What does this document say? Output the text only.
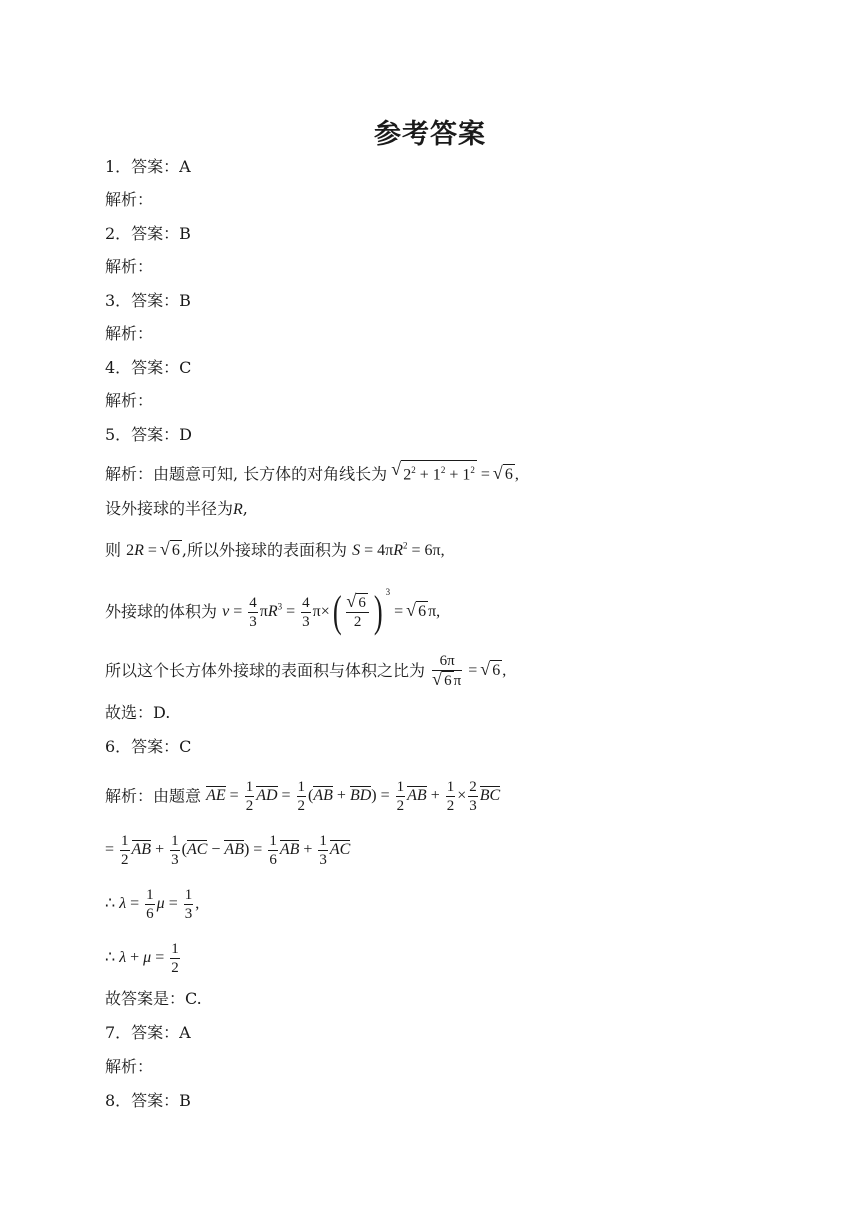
参考答案
1．答案：A
解析：
2．答案：B
解析：
3．答案：B
解析：
4．答案：C
解析：
5．答案：D
解析：由题意可知, 长方体的对角线长为 √ $2^2 + 1^2 + 1^2$ = √ 6 ,
设外接球的半径为R,
则 2R = √ 6 ,所以外接球的表面积为 $S = 4\pi R^2 = 6\pi$,
外接球的体积为 $v = \frac{4}{3} \pi R^3 = \frac{4}{3} \pi\times$( √ $\frac{6}{2}$ ) $^3$ = √ 6 π,
所以这个长方体外接球的表面积与体积之比为 6π
√ 6 π = √ 6 ,
故选：D.
6．答案：C
解析：由题意 AE = $\frac{1}{2}$ AD = $\frac{1}{2} (AB + BD) = \frac{1}{2}$ AB + $\frac{1}{2} \times \frac{2}{3}$ BC
= $\frac{1}{2}$ AB + $\frac{1}{3} (AC - AB) = \frac{1}{6}$ AB + $\frac{1}{3}$ AC
∴ $\lambda = \frac{1}{6}$ $\mu = \frac{1}{3}$ ,
∴ $\lambda + \mu = \frac{1}{2}$
故答案是：C.
7．答案：A
解析：
8．答案：B
